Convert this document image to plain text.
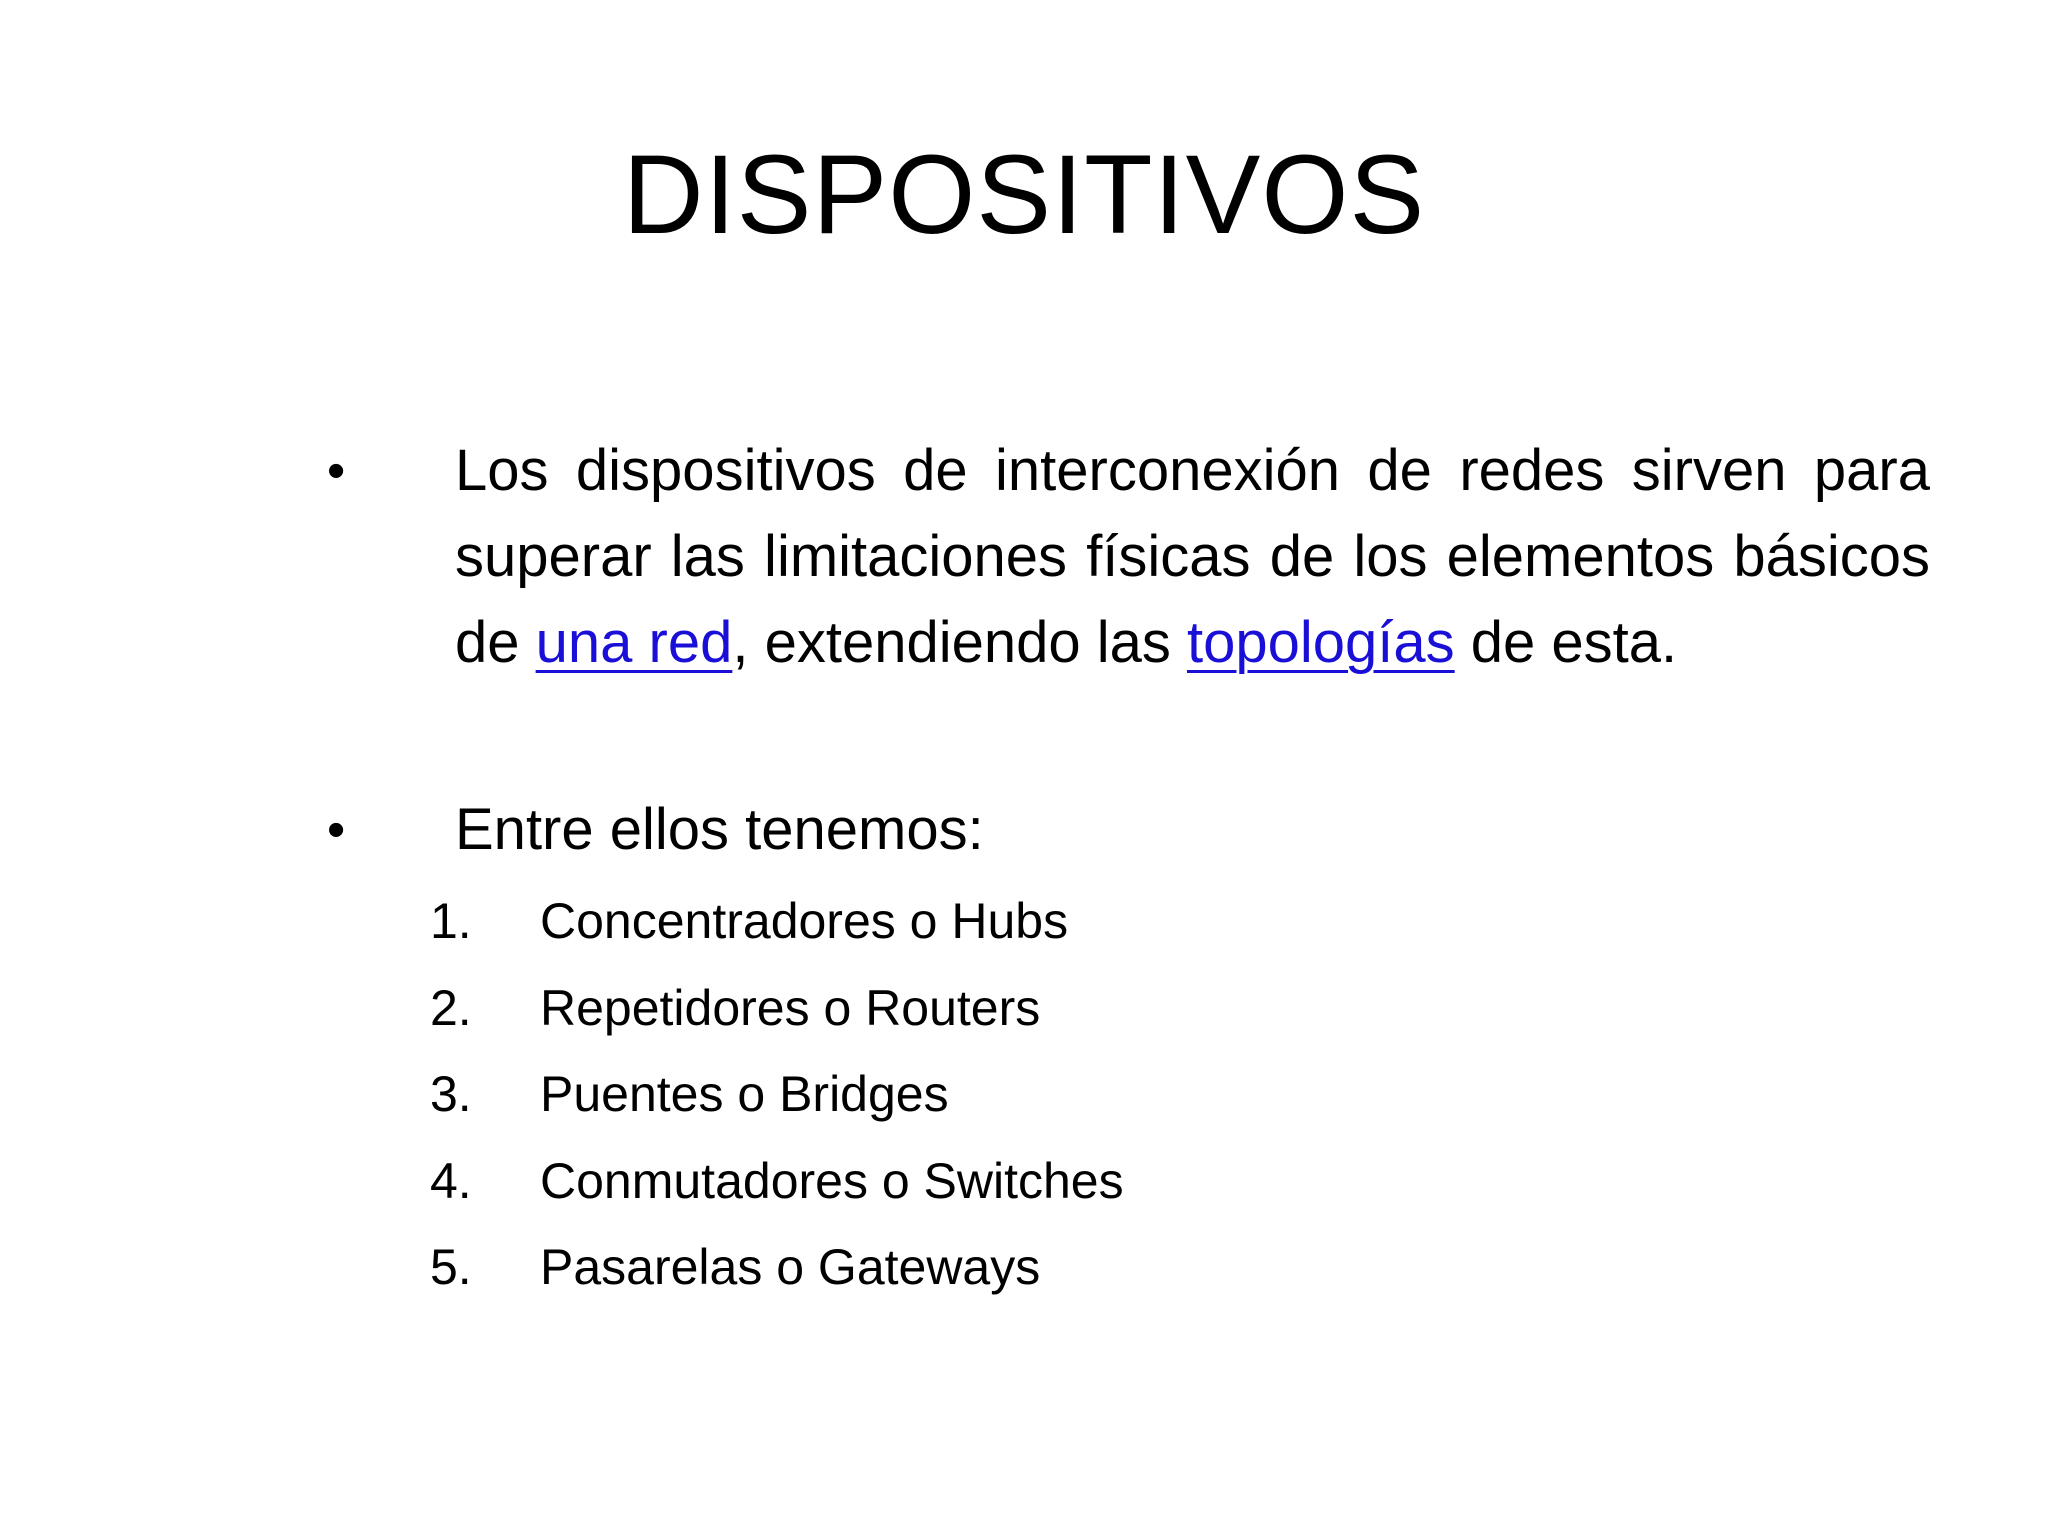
DISPOSITIVOS
•	Los dispositivos de interconexión de redes sirven para superar las limitaciones físicas de los elementos básicos de una red, extendiendo las topologías de esta.
•	Entre ellos tenemos:
1.	Concentradores o Hubs
2.	Repetidores o Routers
3.	Puentes o Bridges
4.	Conmutadores o Switches
5.	Pasarelas o Gateways
